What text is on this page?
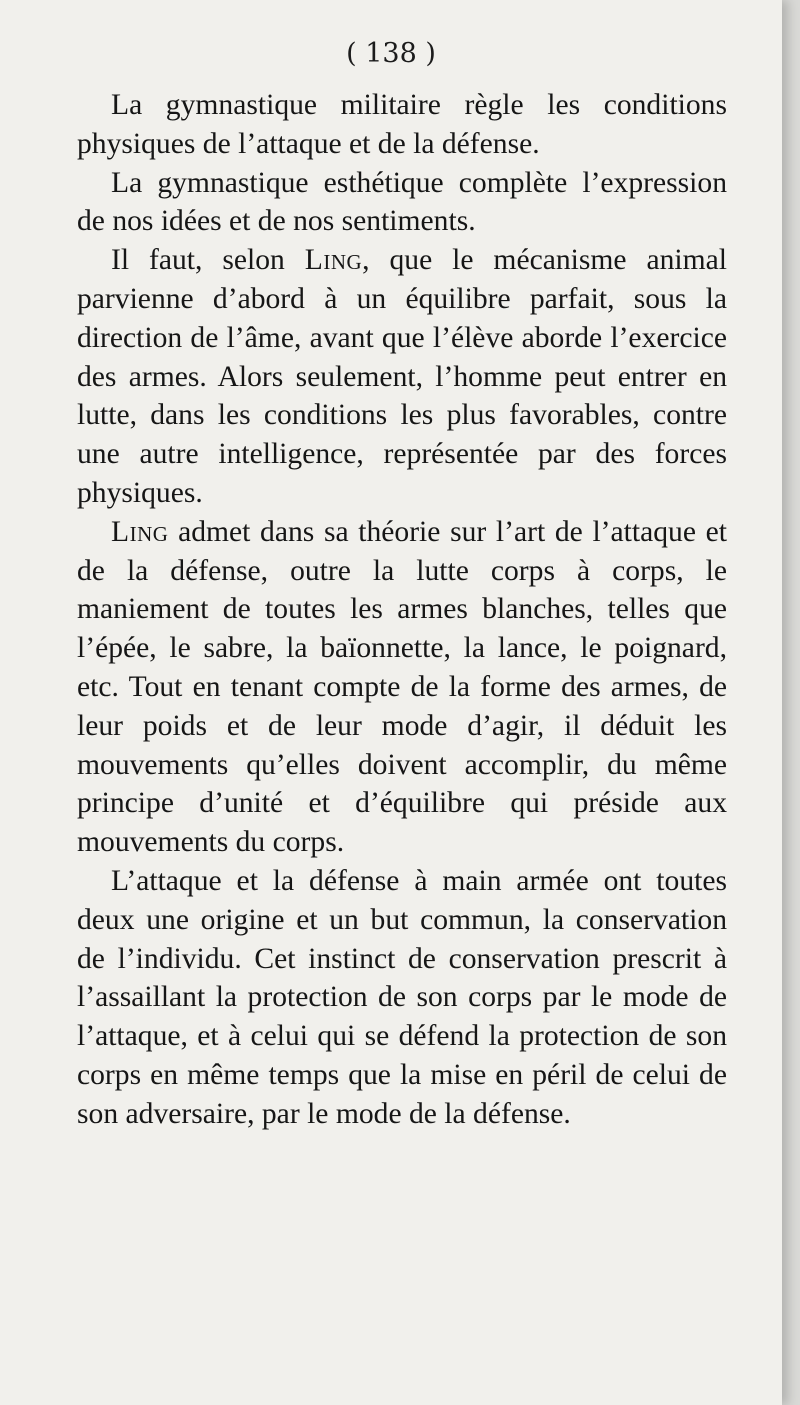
( 138 )

La gymnastique militaire règle les conditions physiques de l’attaque et de la défense.

La gymnastique esthétique complète l’expression de nos idées et de nos sentiments.

Il faut, selon Ling, que le mécanisme animal parvienne d’abord à un équilibre parfait, sous la direction de l’âme, avant que l’élève aborde l’exercice des armes. Alors seulement, l’homme peut entrer en lutte, dans les conditions les plus favorables, contre une autre intelligence, représentée par des forces physiques.

Ling admet dans sa théorie sur l’art de l’attaque et de la défense, outre la lutte corps à corps, le maniement de toutes les armes blanches, telles que l’épée, le sabre, la baïonnette, la lance, le poignard, etc. Tout en tenant compte de la forme des armes, de leur poids et de leur mode d’agir, il déduit les mouvements qu’elles doivent accomplir, du même principe d’unité et d’équilibre qui préside aux mouvements du corps.

L’attaque et la défense à main armée ont toutes deux une origine et un but commun, la conservation de l’individu. Cet instinct de conservation prescrit à l’assaillant la protection de son corps par le mode de l’attaque, et à celui qui se défend la protection de son corps en même temps que la mise en péril de celui de son adversaire, par le mode de la défense.
